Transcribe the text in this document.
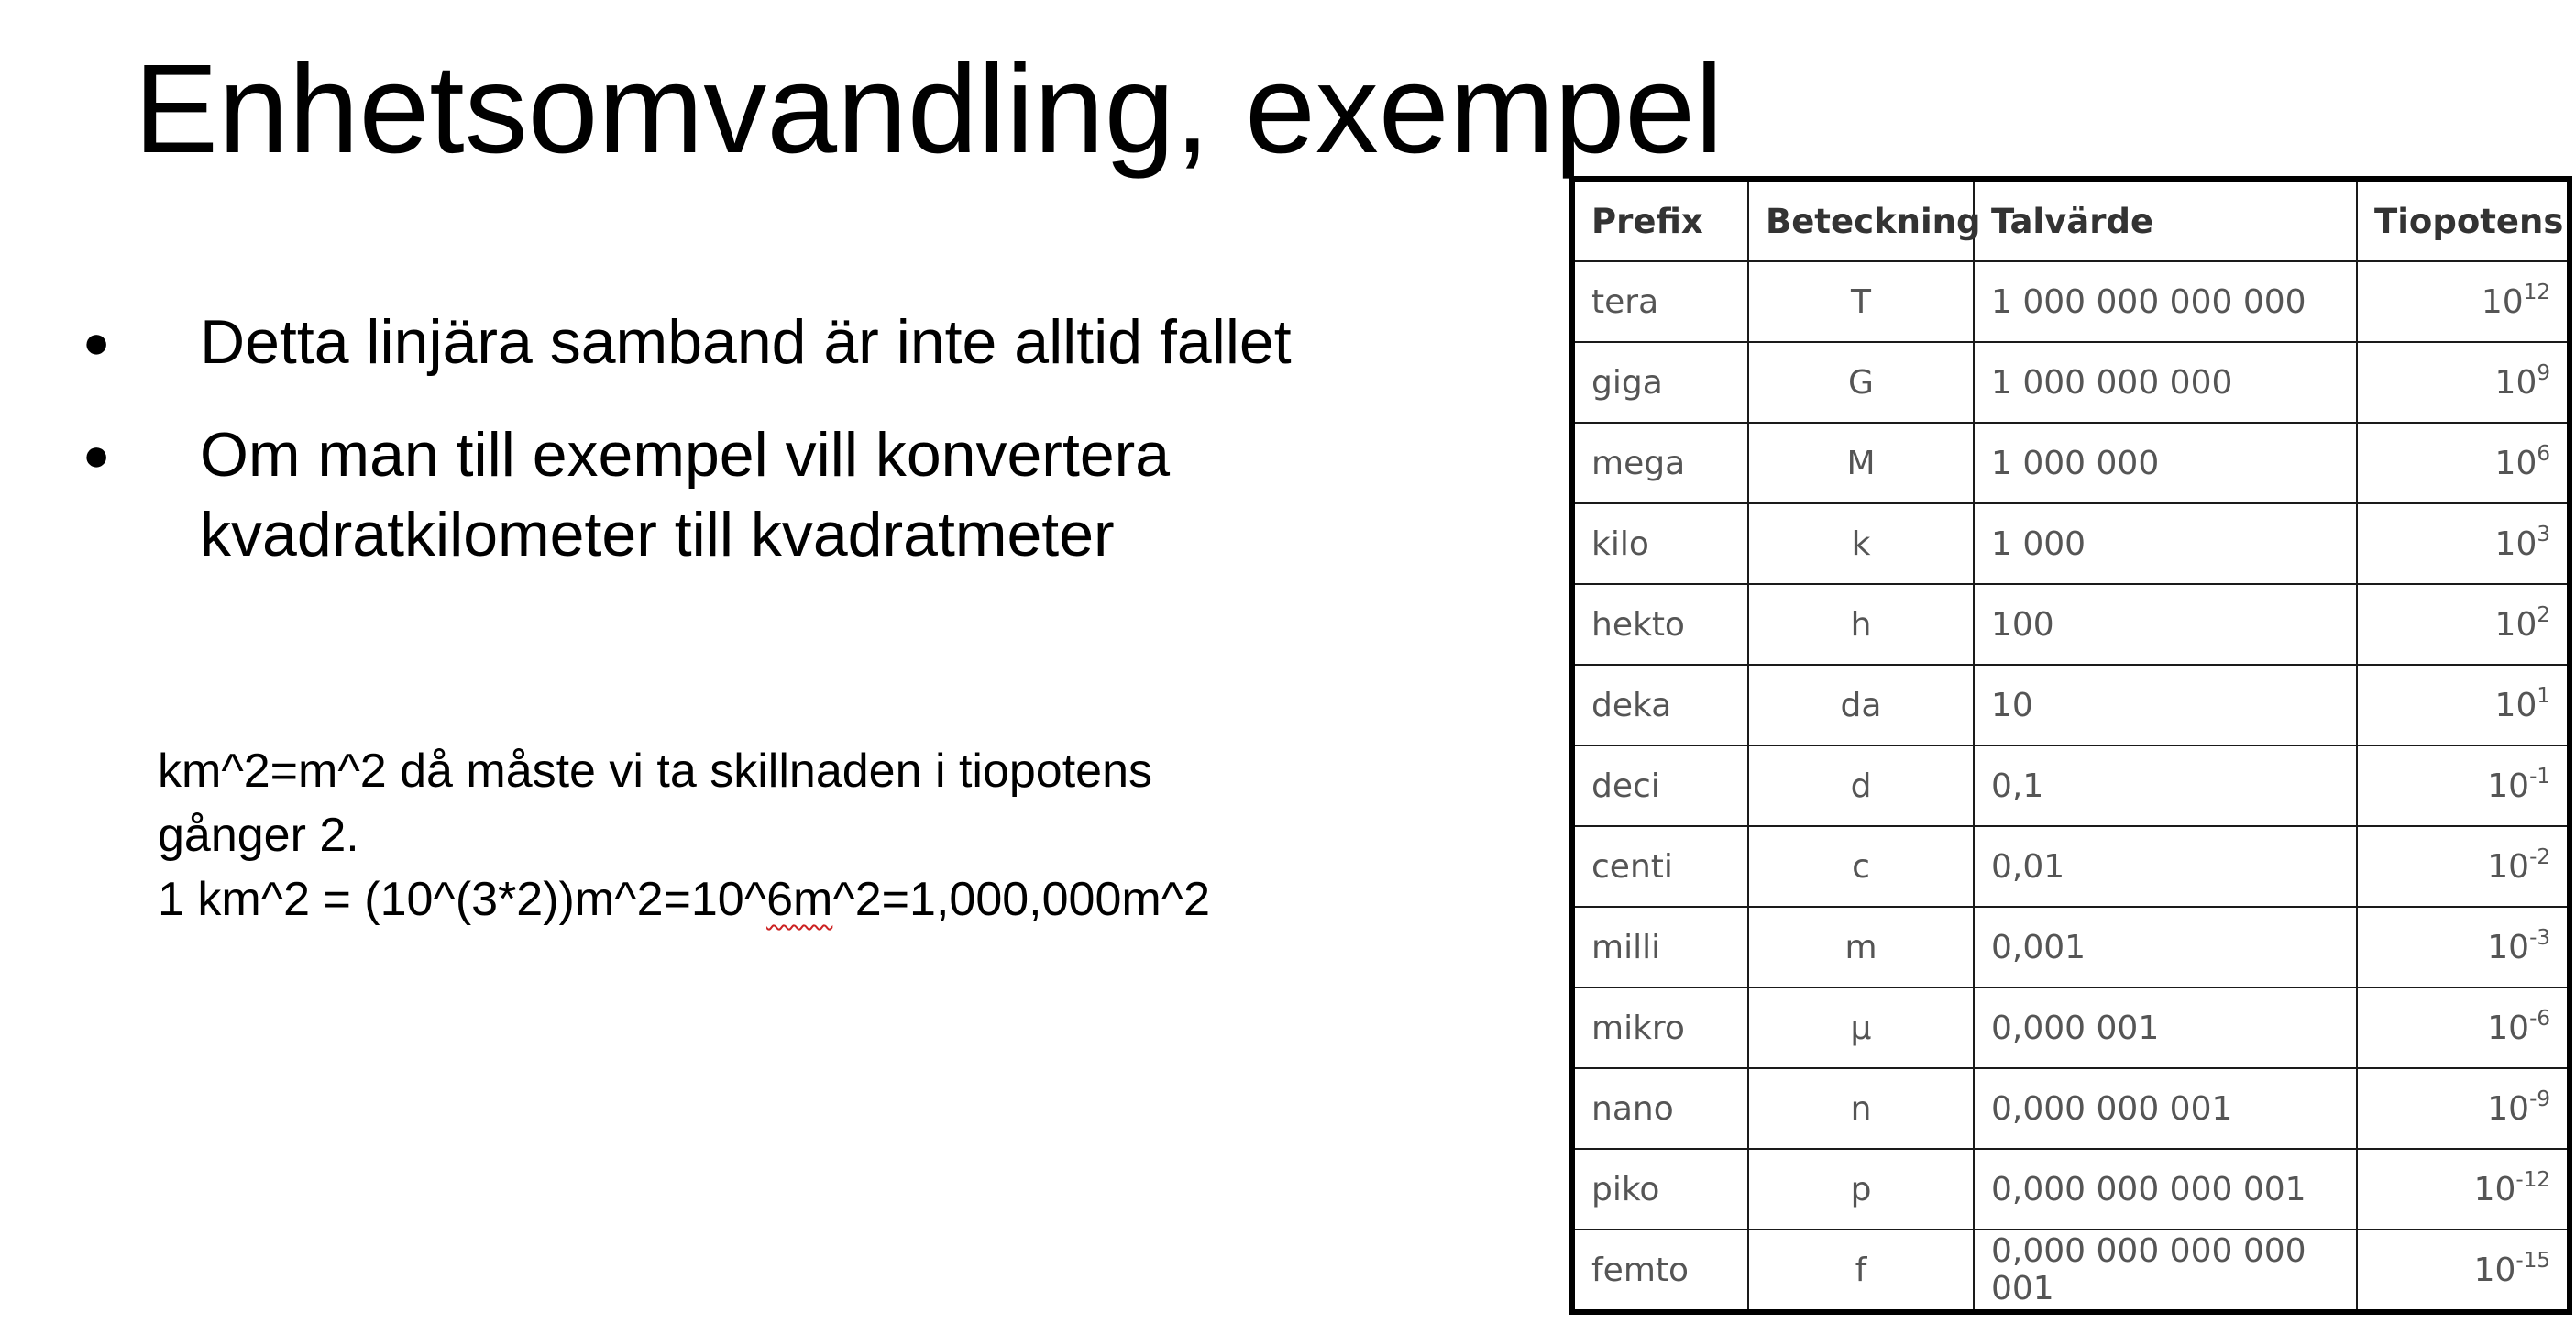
Enhetsomvandling, exempel
● Detta linjära samband är inte alltid fallet
● Om man till exempel vill konvertera kvadratkilometer till kvadratmeter
km^2=m^2 då måste vi ta skillnaden i tiopotens
gånger 2.
1 km^2 = (10^(3*2))m^2=10^6m^2=1,000,000m^2
Prefix	Beteckning	Talvärde	Tiopotens
tera	T	1 000 000 000 000	$10^{12}$
giga	G	1 000 000 000	$10^9$
mega	M	1 000 000	$10^6$
kilo	k	1 000	$10^3$
hekto	h	100	$10^2$
deka	da	10	$10^1$
deci	d	0,1	$10^{-1}$
centi	c	0,01	$10^{-2}$
milli	m	0,001	$10^{-3}$
mikro	µ	0,000 001	$10^{-6}$
nano	n	0,000 000 001	$10^{-9}$
piko	p	0,000 000 000 001	$10^{-12}$
femto	f	0,000 000 000 000 001	$10^{-15}$
